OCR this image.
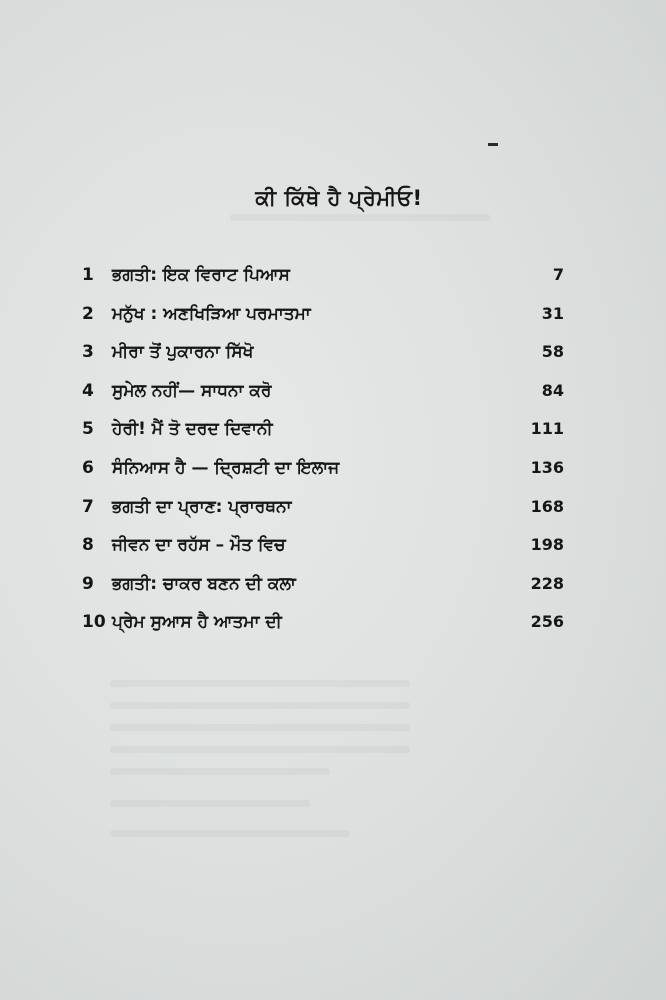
ਕੀ ਕਿੱਥੇ ਹੈ ਪ੍ਰੇਮੀਓ!
1	ਭਗਤੀ: ਇਕ ਵਿਰਾਟ ਪਿਆਸ	7
2	ਮਨੁੱਖ : ਅਣਖਿੜਿਆ ਪਰਮਾਤਮਾ	31
3	ਮੀਰਾ ਤੋਂ ਪੁਕਾਰਨਾ ਸਿੱਖੋ	58
4	ਸੁਮੇਲ ਨਹੀਂ— ਸਾਧਨਾ ਕਰੋ	84
5	ਹੇਰੀ! ਮੈਂ ਤੋ ਦਰਦ ਦਿਵਾਨੀ	111
6	ਸੰਨਿਆਸ ਹੈ — ਦ੍ਰਿਸ਼ਟੀ ਦਾ ਇਲਾਜ	136
7	ਭਗਤੀ ਦਾ ਪ੍ਰਾਣ: ਪ੍ਰਾਰਥਨਾ	168
8	ਜੀਵਨ ਦਾ ਰਹੱਸ – ਮੌਤ ਵਿਚ	198
9	ਭਗਤੀ: ਚਾਕਰ ਬਣਨ ਦੀ ਕਲਾ	228
10 ਪ੍ਰੇਮ ਸੁਆਸ ਹੈ ਆਤਮਾ ਦੀ	256
